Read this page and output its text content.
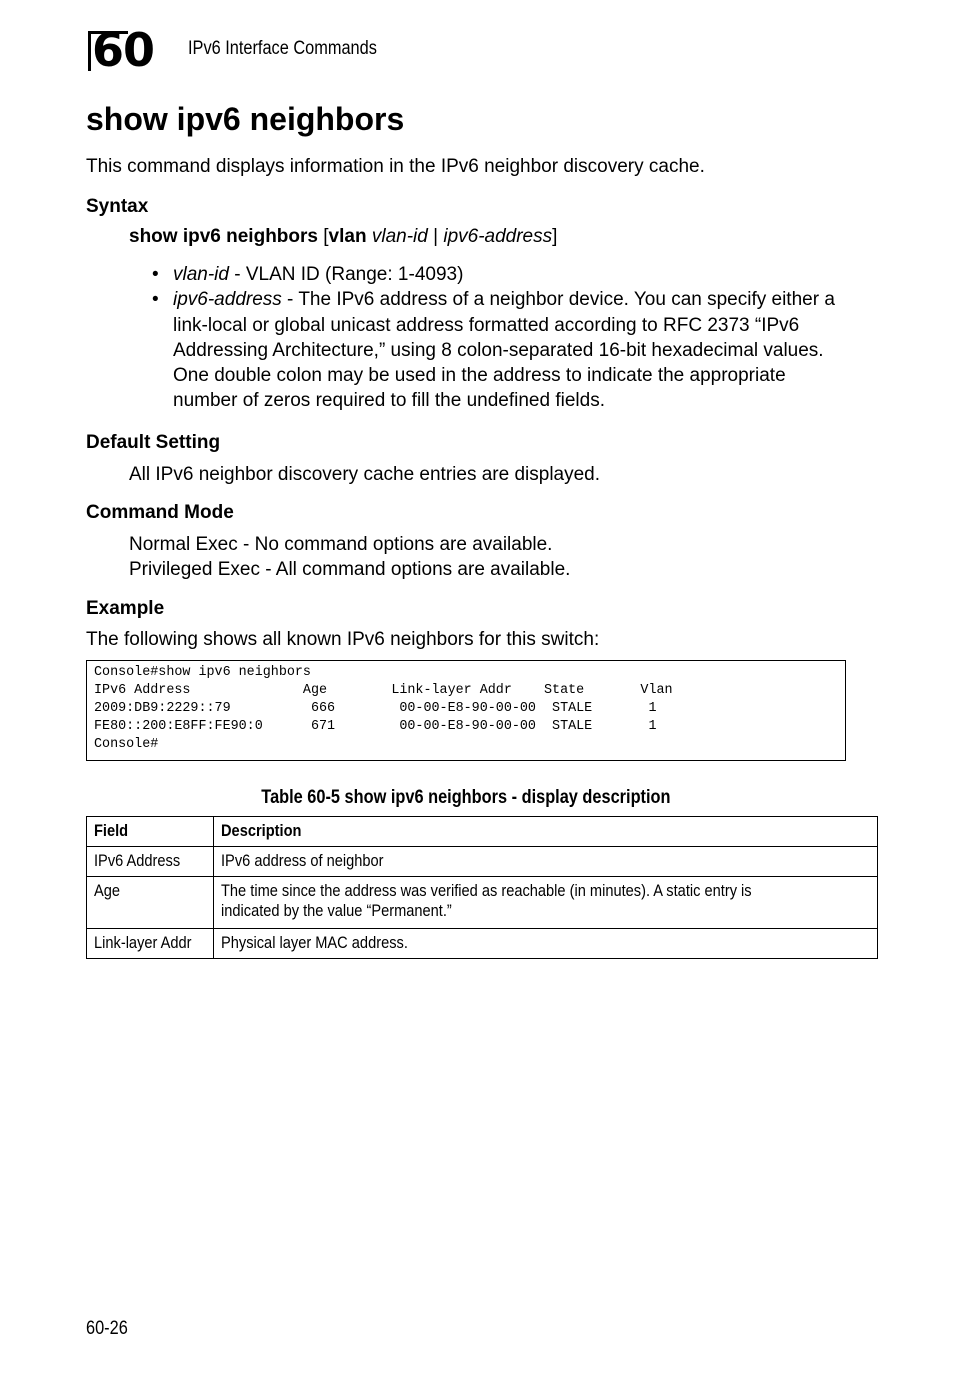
60 IPv6 Interface Commands
show ipv6 neighbors

This command displays information in the IPv6 neighbor discovery cache.

Syntax
show ipv6 neighbors [vlan vlan-id | ipv6-address]
• vlan-id - VLAN ID (Range: 1-4093)
• ipv6-address - The IPv6 address of a neighbor device. You can specify either a link-local or global unicast address formatted according to RFC 2373 “IPv6 Addressing Architecture,” using 8 colon-separated 16-bit hexadecimal values. One double colon may be used in the address to indicate the appropriate number of zeros required to fill the undefined fields.
Default Setting
All IPv6 neighbor discovery cache entries are displayed.
Command Mode
Normal Exec - No command options are available.
Privileged Exec - All command options are available.
Example
The following shows all known IPv6 neighbors for this switch:
Console#show ipv6 neighbors
IPv6 Address              Age        Link-layer Addr    State       Vlan
2009:DB9:2229::79          666        00-00-E8-90-00-00  STALE       1
FE80::200:E8FF:FE90:0      671        00-00-E8-90-00-00  STALE       1
Console#
Table 60-5 show ipv6 neighbors - display description
Field	Description
IPv6 Address	IPv6 address of neighbor
Age	The time since the address was verified as reachable (in minutes). A static entry is indicated by the value “Permanent.”

Link-layer Addr	Physical layer MAC address.
60-26
